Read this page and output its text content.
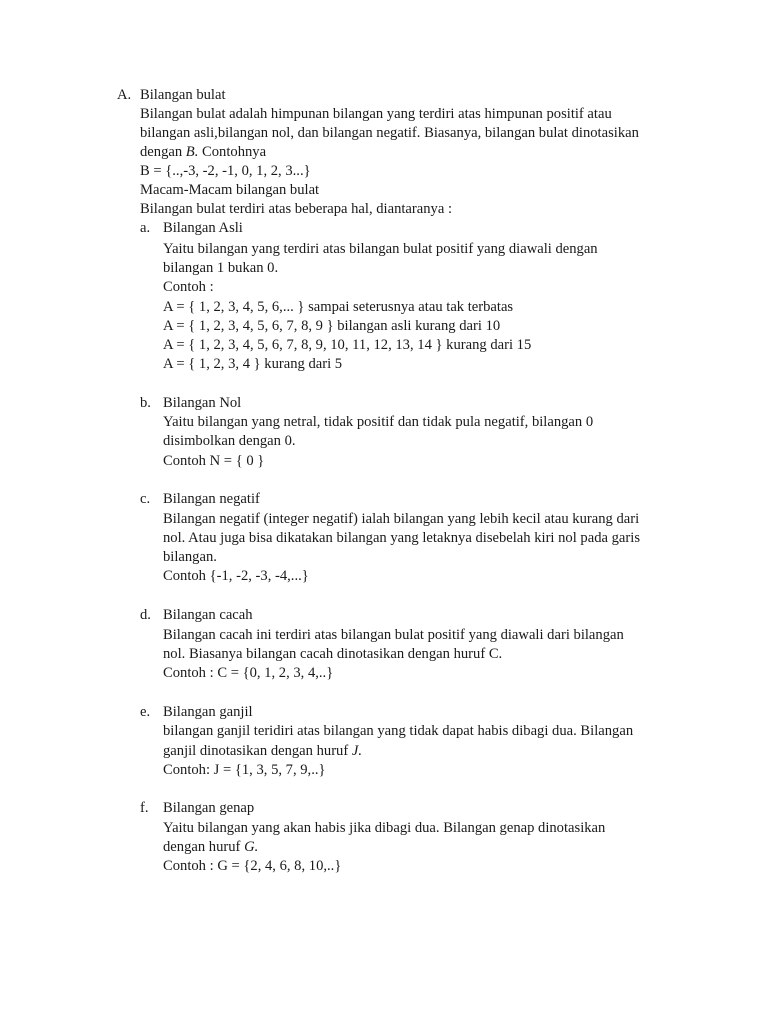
A. Bilangan bulat
Bilangan bulat adalah himpunan bilangan yang terdiri atas himpunan positif atau
bilangan asli,bilangan nol, dan bilangan negatif. Biasanya, bilangan bulat dinotasikan
dengan B. Contohnya
B = {..,-3, -2, -1, 0, 1, 2, 3...}
Macam-Macam bilangan bulat
Bilangan bulat terdiri atas beberapa hal, diantaranya :
a. Bilangan Asli
Yaitu bilangan yang terdiri atas bilangan bulat positif yang diawali dengan
bilangan 1 bukan 0.
Contoh :
A = { 1, 2, 3, 4, 5, 6,... } sampai seterusnya atau tak terbatas
A = { 1, 2, 3, 4, 5, 6, 7, 8, 9 } bilangan asli kurang dari 10
A = { 1, 2, 3, 4, 5, 6, 7, 8, 9, 10, 11, 12, 13, 14 } kurang dari 15
A = { 1, 2, 3, 4 } kurang dari 5
b. Bilangan Nol
Yaitu bilangan yang netral, tidak positif dan tidak pula negatif, bilangan 0
disimbolkan dengan 0.
Contoh N = { 0 }
c. Bilangan negatif
Bilangan negatif (integer negatif) ialah bilangan yang lebih kecil atau kurang dari
nol. Atau juga bisa dikatakan bilangan yang letaknya disebelah kiri nol pada garis
bilangan.
Contoh {-1, -2, -3, -4,...}
d. Bilangan cacah
Bilangan cacah ini terdiri atas bilangan bulat positif yang diawali dari bilangan
nol. Biasanya bilangan cacah dinotasikan dengan huruf C.
Contoh : C = {0, 1, 2, 3, 4,..}
e. Bilangan ganjil
bilangan ganjil teridiri atas bilangan yang tidak dapat habis dibagi dua. Bilangan
ganjil dinotasikan dengan huruf J.
Contoh: J = {1, 3, 5, 7, 9,..}
f. Bilangan genap
Yaitu bilangan yang akan habis jika dibagi dua. Bilangan genap dinotasikan
dengan huruf G.
Contoh : G = {2, 4, 6, 8, 10,..}
